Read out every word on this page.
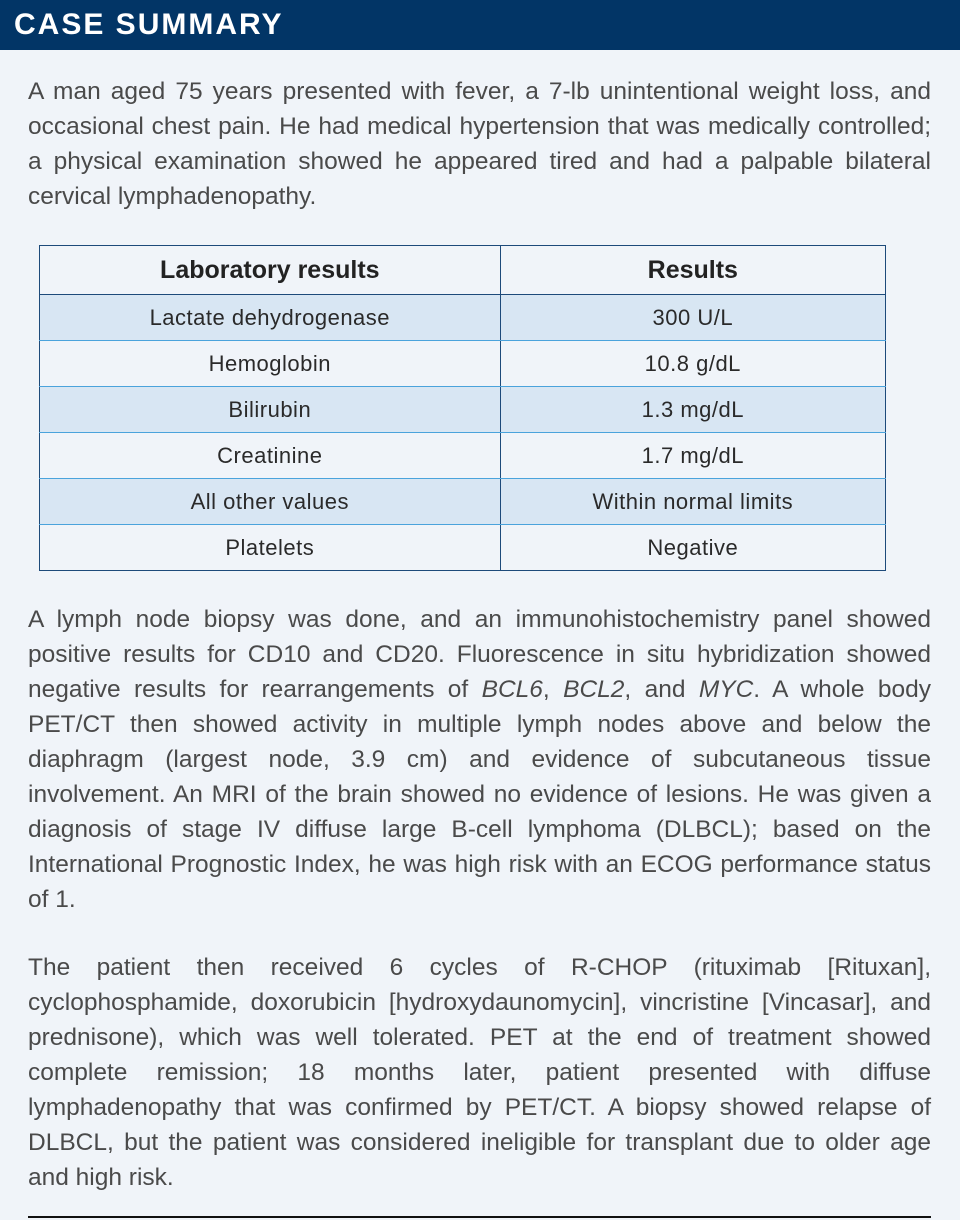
CASE SUMMARY

A man aged 75 years presented with fever, a 7-lb unintentional weight loss, and occasional chest pain. He had medical hypertension that was medically controlled; a physical examination showed he appeared tired and had a palpable bilateral cervical lymphadenopathy.

Laboratory results	Results
Lactate dehydrogenase	300 U/L
Hemoglobin	10.8 g/dL
Bilirubin	1.3 mg/dL
Creatinine	1.7 mg/dL
All other values	Within normal limits
Platelets	Negative

A lymph node biopsy was done, and an immunohistochemistry panel showed positive results for CD10 and CD20. Fluorescence in situ hybridization showed negative results for rearrangements of BCL6, BCL2, and MYC. A whole body PET/CT then showed activity in multiple lymph nodes above and below the diaphragm (largest node, 3.9 cm) and evidence of subcutaneous tissue involvement. An MRI of the brain showed no evidence of lesions. He was given a diagnosis of stage IV diffuse large B-cell lymphoma (DLBCL); based on the International Prognostic Index, he was high risk with an ECOG performance status of 1.

The patient then received 6 cycles of R-CHOP (rituximab [Rituxan], cyclophosphamide, doxorubicin [hydroxydaunomycin], vincristine [Vincasar], and prednisone), which was well tolerated. PET at the end of treatment showed complete remission; 18 months later, patient presented with diffuse lymphadenopathy that was confirmed by PET/CT. A biopsy showed relapse of DLBCL, but the patient was considered ineligible for transplant due to older age and high risk.
